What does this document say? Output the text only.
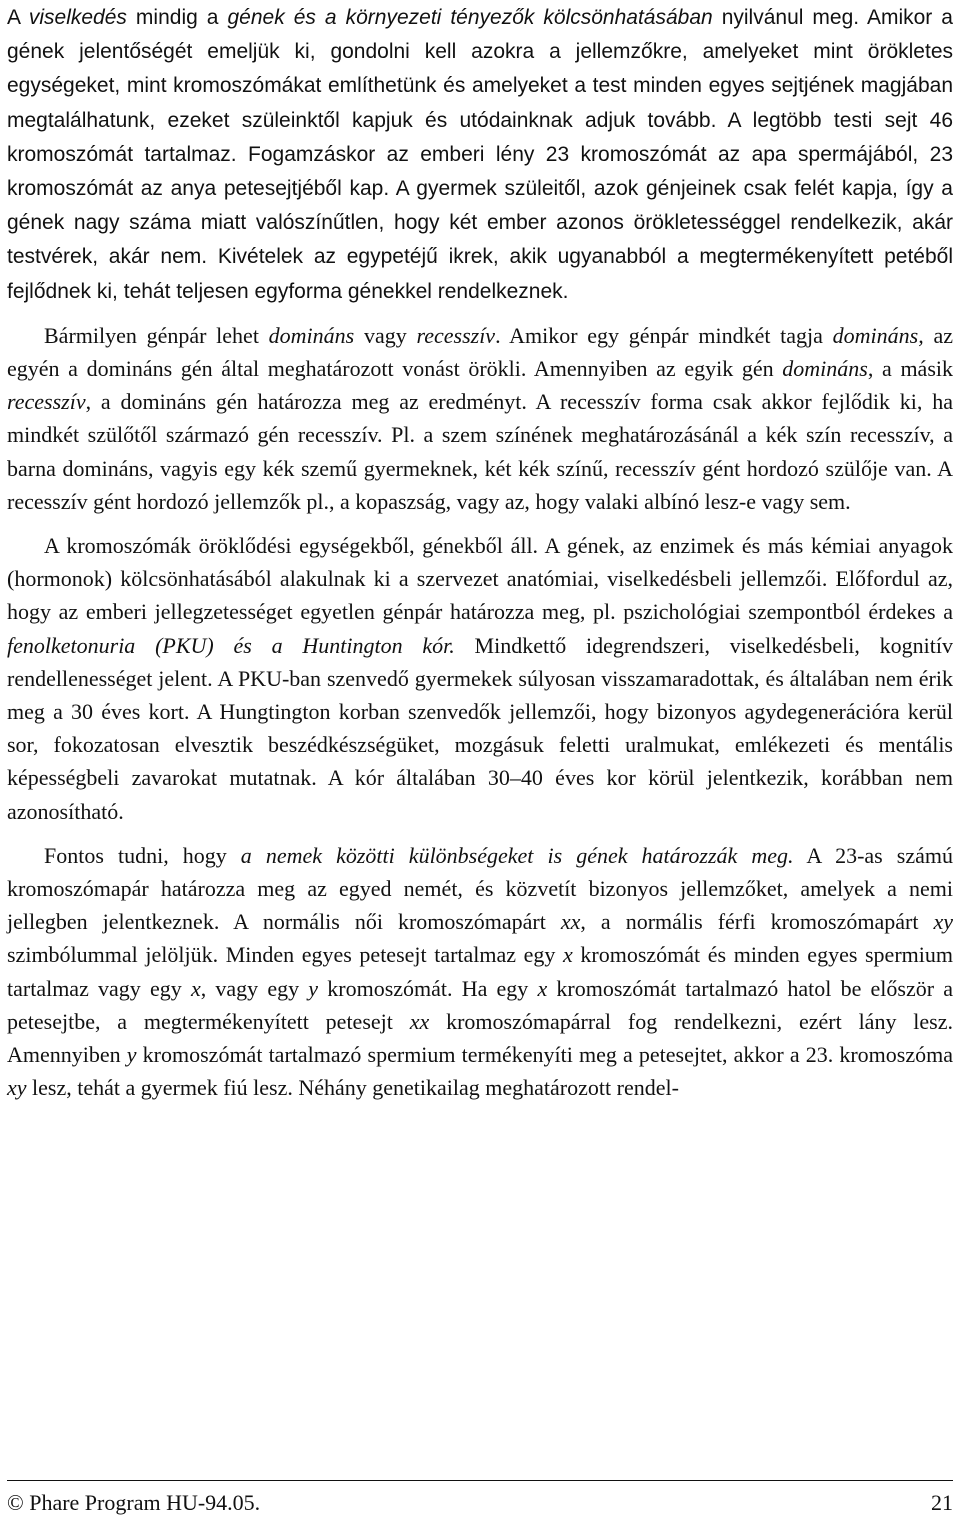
A viselkedés mindig a gének és a környezeti tényezők kölcsönhatásában nyilvánul meg. Amikor a gének jelentőségét emeljük ki, gondolni kell azokra a jellemzőkre, amelyeket mint örökletes egységeket, mint kromoszómákat említhetünk és amelyeket a test minden egyes sejtjének magjában megtalálhatunk, ezeket szüleinktől kapjuk és utódainknak adjuk tovább. A legtöbb testi sejt 46 kromoszómát tartalmaz. Fogamzáskor az emberi lény 23 kromoszómát az apa spermájából, 23 kromoszómát az anya petesejtjéből kap. A gyermek szüleitől, azok génjeinek csak felét kapja, így a gének nagy száma miatt valószínűtlen, hogy két ember azonos örökletességgel rendelkezik, akár testvérek, akár nem. Kivételek az egypetéjű ikrek, akik ugyanabból a megtermékenyített petéből fejlődnek ki, tehát teljesen egyforma génekkel rendelkeznek.

Bármilyen génpár lehet domináns vagy recesszív. Amikor egy génpár mindkét tagja domináns, az egyén a domináns gén által meghatározott vonást örökli. Amennyiben az egyik gén domináns, a másik recesszív, a domináns gén határozza meg az eredményt. A recesszív forma csak akkor fejlődik ki, ha mindkét szülőtől származó gén recesszív. Pl. a szem színének meghatározásánál a kék szín recesszív, a barna domináns, vagyis egy kék szemű gyermeknek, két kék színű, recesszív gént hordozó szülője van. A recesszív gént hordozó jellemzők pl., a kopaszság, vagy az, hogy valaki albínó lesz-e vagy sem.

A kromoszómák öröklődési egységekből, génekből áll. A gének, az enzimek és más kémiai anyagok (hormonok) kölcsönhatásából alakulnak ki a szervezet anatómiai, viselkedésbeli jellemzői. Előfordul az, hogy az emberi jellegzetességet egyetlen génpár határozza meg, pl. pszichológiai szempontból érdekes a fenolketonuria (PKU) és a Huntington kór. Mindkettő idegrendszeri, viselkedésbeli, kognitív rendellenességet jelent. A PKU-ban szenvedő gyermekek súlyosan visszamaradottak, és általában nem érik meg a 30 éves kort. A Hungtington korban szenvedők jellemzői, hogy bizonyos agydegenerációra kerül sor, fokozatosan elvesztik beszédkészségüket, mozgásuk feletti uralmukat, emlékezeti és mentális képességbeli zavarokat mutatnak. A kór általában 30–40 éves kor körül jelentkezik, korábban nem azonosítható.

Fontos tudni, hogy a nemek közötti különbségeket is gének határozzák meg. A 23-as számú kromoszómapár határozza meg az egyed nemét, és közvetít bizonyos jellemzőket, amelyek a nemi jellegben jelentkeznek. A normális női kromoszómapárt xx, a normális férfi kromoszómapárt xy szimbólummal jelöljük. Minden egyes petesejt tartalmaz egy x kromoszómát és minden egyes spermium tartalmaz vagy egy x, vagy egy y kromoszómát. Ha egy x kromoszómát tartalmazó hatol be először a petesejtbe, a megtermékenyített petesejt xx kromoszómapárral fog rendelkezni, ezért lány lesz. Amennyiben y kromoszómát tartalmazó spermium termékenyíti meg a petesejtet, akkor a 23. kromoszóma xy lesz, tehát a gyermek fiú lesz. Néhány genetikailag meghatározott rendel-

© Phare Program HU-94.05.	21
